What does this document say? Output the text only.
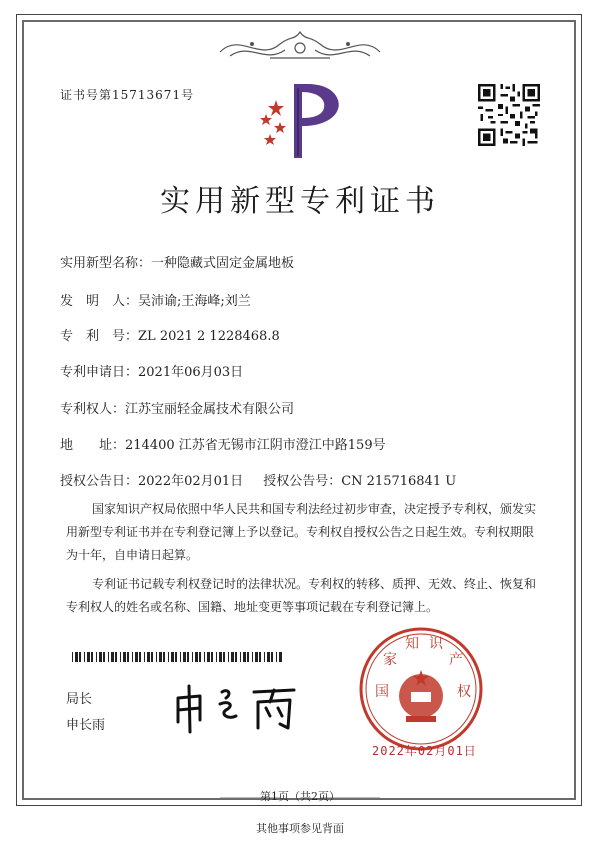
证书号第15713671号
实用新型专利证书
实用新型名称：一种隐藏式固定金属地板
发　明　人：吴沛谕;王海峰;刘兰
专　利　号：ZL 2021 2 1228468.8
专利申请日：2021年06月03日
专利权人：江苏宝丽轻金属技术有限公司
地　　址：214400 江苏省无锡市江阴市澄江中路159号
授权公告日：2022年02月01日 授权公告号：CN 215716841 U

国家知识产权局依照中华人民共和国专利法经过初步审查，决定授予专利权，颁发实用新型专利证书并在专利登记簿上予以登记。专利权自授权公告之日起生效。专利权期限为十年，自申请日起算。

专利证书记载专利权登记时的法律状况。专利权的转移、质押、无效、终止、恢复和专利权人的姓名或名称、国籍、地址变更等事项记载在专利登记簿上。

局长
申长雨
国
家
知 识
产
权
2022年02月01日
第1页（共2页）
其他事项参见背面
